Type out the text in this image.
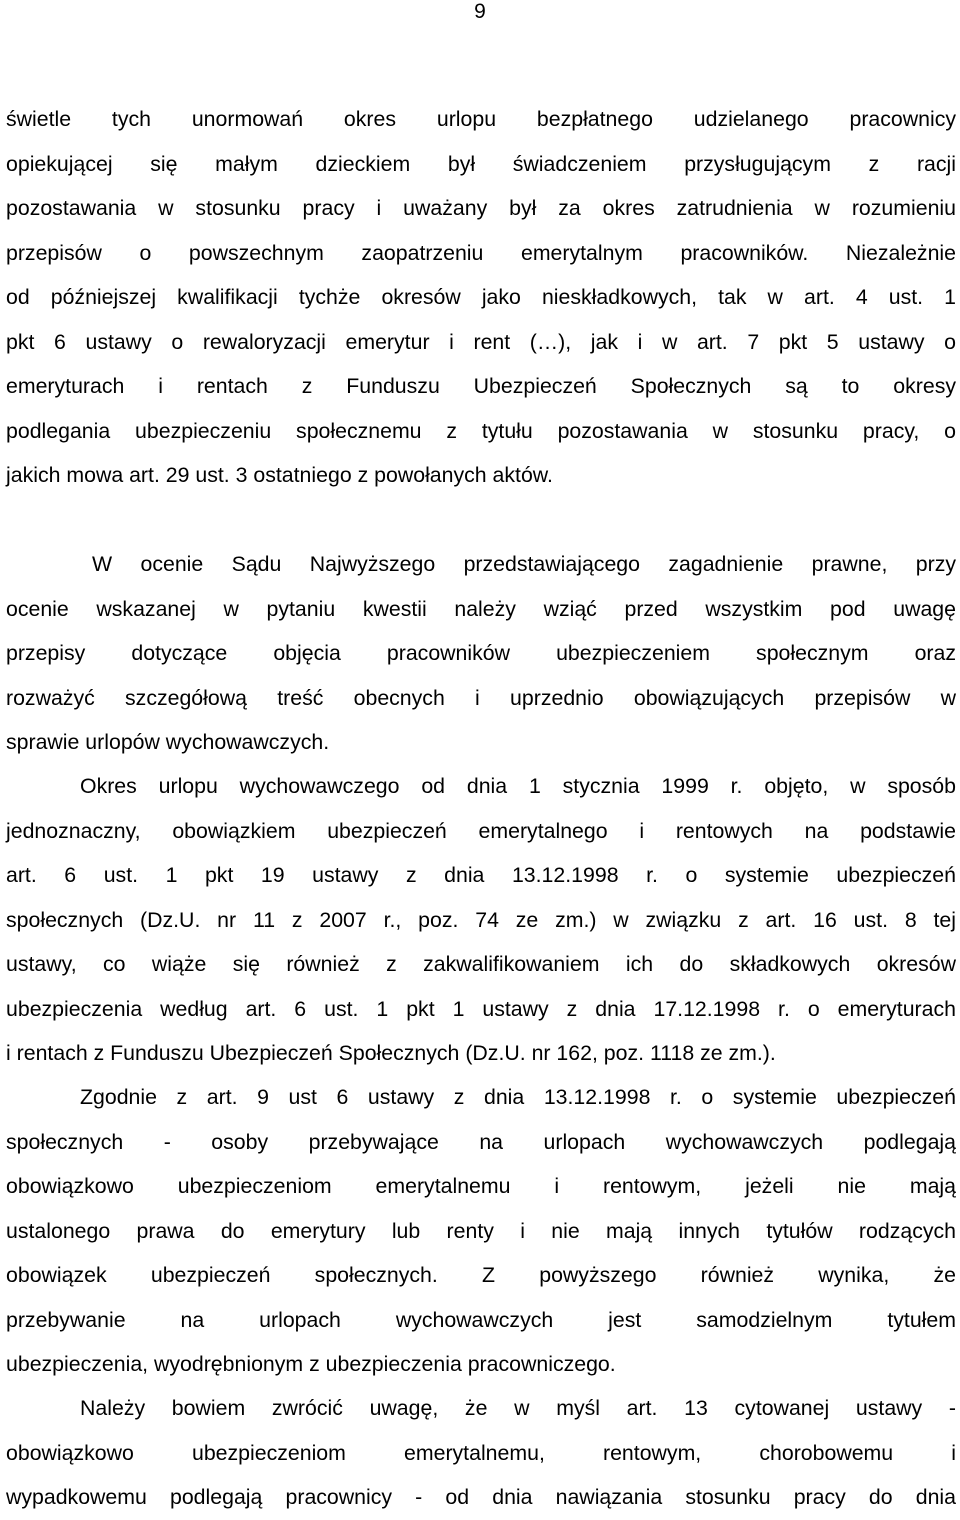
9
świetle tych unormowań okres urlopu bezpłatnego udzielanego pracownicy
opiekującej się małym dzieckiem był świadczeniem przysługującym z racji
pozostawania w stosunku pracy i uważany był za okres zatrudnienia w rozumieniu
przepisów o powszechnym zaopatrzeniu emerytalnym pracowników. Niezależnie
od późniejszej kwalifikacji tychże okresów jako nieskładkowych, tak w art. 4 ust. 1
pkt 6 ustawy o rewaloryzacji emerytur i rent (…), jak i w art. 7 pkt 5 ustawy o
emeryturach i rentach z Funduszu Ubezpieczeń Społecznych są to okresy
podlegania ubezpieczeniu społecznemu z tytułu pozostawania w stosunku pracy, o
jakich mowa art. 29 ust. 3 ostatniego z powołanych aktów.
W ocenie Sądu Najwyższego przedstawiającego zagadnienie prawne, przy
ocenie wskazanej w pytaniu kwestii należy wziąć przed wszystkim pod uwagę
przepisy dotyczące objęcia pracowników ubezpieczeniem społecznym oraz
rozważyć szczegółową treść obecnych i uprzednio obowiązujących przepisów w
sprawie urlopów wychowawczych.
Okres urlopu wychowawczego od dnia 1 stycznia 1999 r. objęto, w sposób
jednoznaczny, obowiązkiem ubezpieczeń emerytalnego i rentowych na podstawie
art. 6 ust. 1 pkt 19 ustawy z dnia 13.12.1998 r. o systemie ubezpieczeń
społecznych (Dz.U. nr 11 z 2007 r., poz. 74 ze zm.) w związku z art. 16 ust. 8 tej
ustawy, co wiąże się również z zakwalifikowaniem ich do składkowych okresów
ubezpieczenia według art. 6 ust. 1 pkt 1 ustawy z dnia 17.12.1998 r. o emeryturach
i rentach z Funduszu Ubezpieczeń Społecznych (Dz.U. nr 162, poz. 1118 ze zm.).
Zgodnie z art. 9 ust 6 ustawy z dnia 13.12.1998 r. o systemie ubezpieczeń
społecznych - osoby przebywające na urlopach wychowawczych podlegają
obowiązkowo ubezpieczeniom emerytalnemu i rentowym, jeżeli nie mają
ustalonego prawa do emerytury lub renty i nie mają innych tytułów rodzących
obowiązek ubezpieczeń społecznych. Z powyższego również wynika, że
przebywanie na urlopach wychowawczych jest samodzielnym tytułem
ubezpieczenia, wyodrębnionym z ubezpieczenia pracowniczego.
Należy bowiem zwrócić uwagę, że w myśl art. 13 cytowanej ustawy -
obowiązkowo ubezpieczeniom emerytalnemu, rentowym, chorobowemu i
wypadkowemu podlegają pracownicy - od dnia nawiązania stosunku pracy do dnia
